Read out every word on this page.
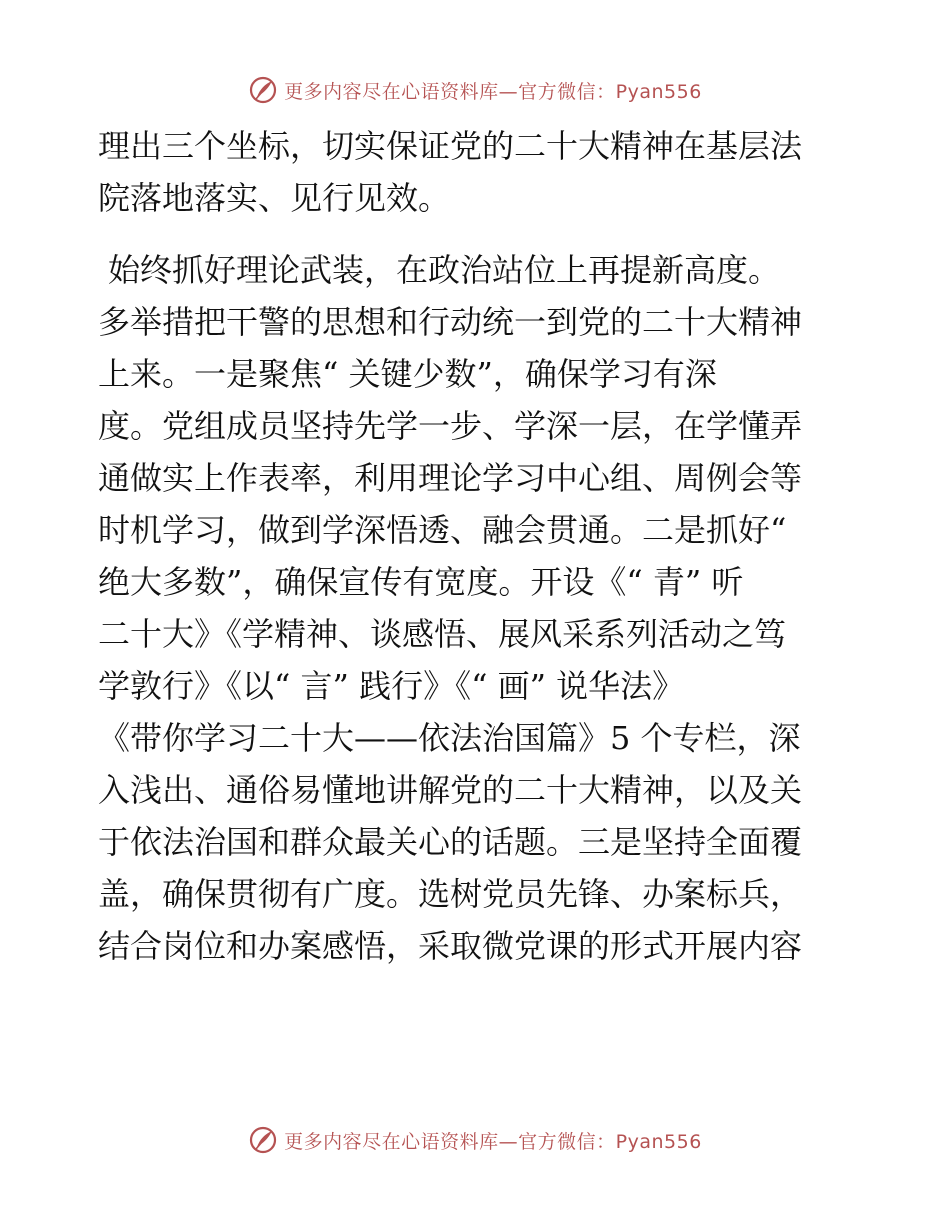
更多内容尽在心语资料库—官方微信：Pyan556
理出三个坐标，切实保证党的二十大精神在基层法
院落地落实、见行见效。
始终抓好理论武装，在政治站位上再提新高度。
多举措把干警的思想和行动统一到党的二十大精神
上来。一是聚焦“ 关键少数”，确保学习有深
度。党组成员坚持先学一步、学深一层，在学懂弄
通做实上作表率，利用理论学习中心组、周例会等
时机学习，做到学深悟透、融会贯通。二是抓好“
绝大多数”，确保宣传有宽度。开设《“ 青” 听
二十大》《学精神、谈感悟、展风采系列活动之笃
学敦行》《以“ 言” 践行》《“ 画” 说华法》
《带你学习二十大——依法治国篇》5 个专栏，深
入浅出、通俗易懂地讲解党的二十大精神，以及关
于依法治国和群众最关心的话题。三是坚持全面覆
盖，确保贯彻有广度。选树党员先锋、办案标兵，
结合岗位和办案感悟，采取微党课的形式开展内容
更多内容尽在心语资料库—官方微信：Pyan556
